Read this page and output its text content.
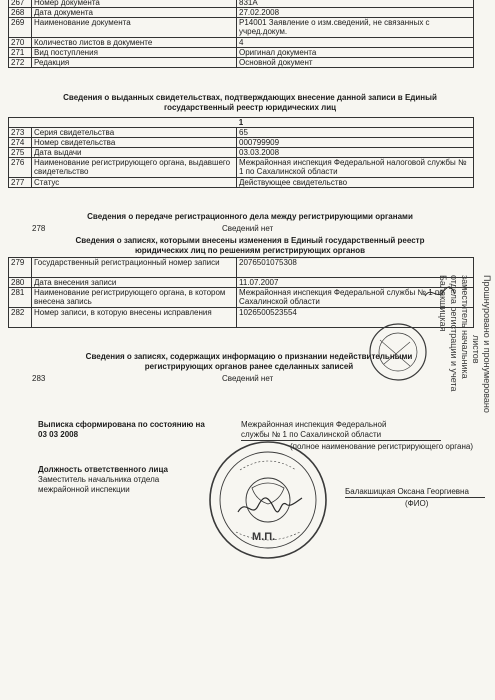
267	Номер документа	831А
268	Дата документа	27.02.2008
269	Наименование документа	Р14001 Заявление о изм.сведений, не связанных с учред.докум.
270	Количество листов в документе	4
271	Вид поступления	Оригинал документа
272	Редакция	Основной документ
Сведения о выданных свидетельствах, подтверждающих внесение данной записи в Единый
государственный реестр юридических лиц
1		
273	Серия свидетельства	65
274	Номер свидетельства	000799909
275	Дата выдачи	03.03.2008
276	Наименование регистрирующего органа, выдавшего свидетельство	Межрайонная инспекция Федеральной налоговой службы № 1 по Сахалинской области
277	Статус	Действующее свидетельство
Сведения о передаче регистрационного дела между регистрирующими органами
278	Сведений нет
Сведения о записях, которыми внесены изменения в Единый государственный реестр
юридических лиц по решениям регистрирующих органов
279	Государственный регистрационный номер записи	2076501075308
280	Дата внесения записи	11.07.2007
281	Наименование регистрирующего органа, в котором внесена запись	Межрайонная инспекция Федеральной службы № 1 по Сахалинской области
282	Номер записи, в которую внесены исправления	1026500523554
Сведения о записях, содержащих информацию о признании недействительными
регистрирующих органов ранее сделанных записей
283	Сведений нет
Выписка сформирована по состоянию на
03 03 2008
Межрайонная инспекция Федеральной
службы № 1 по Сахалинской области
(полное наименование регистрирующего органа)
Должность ответственного лица
Заместитель начальника отдела
межрайонной инспекции	Балакшицкая Оксана Георгиевна
(ФИО)
Прошнуровано и пронумеровано
листов
заместитель начальника
отдела регистрации и учета
Балакшицкая
М.П.
